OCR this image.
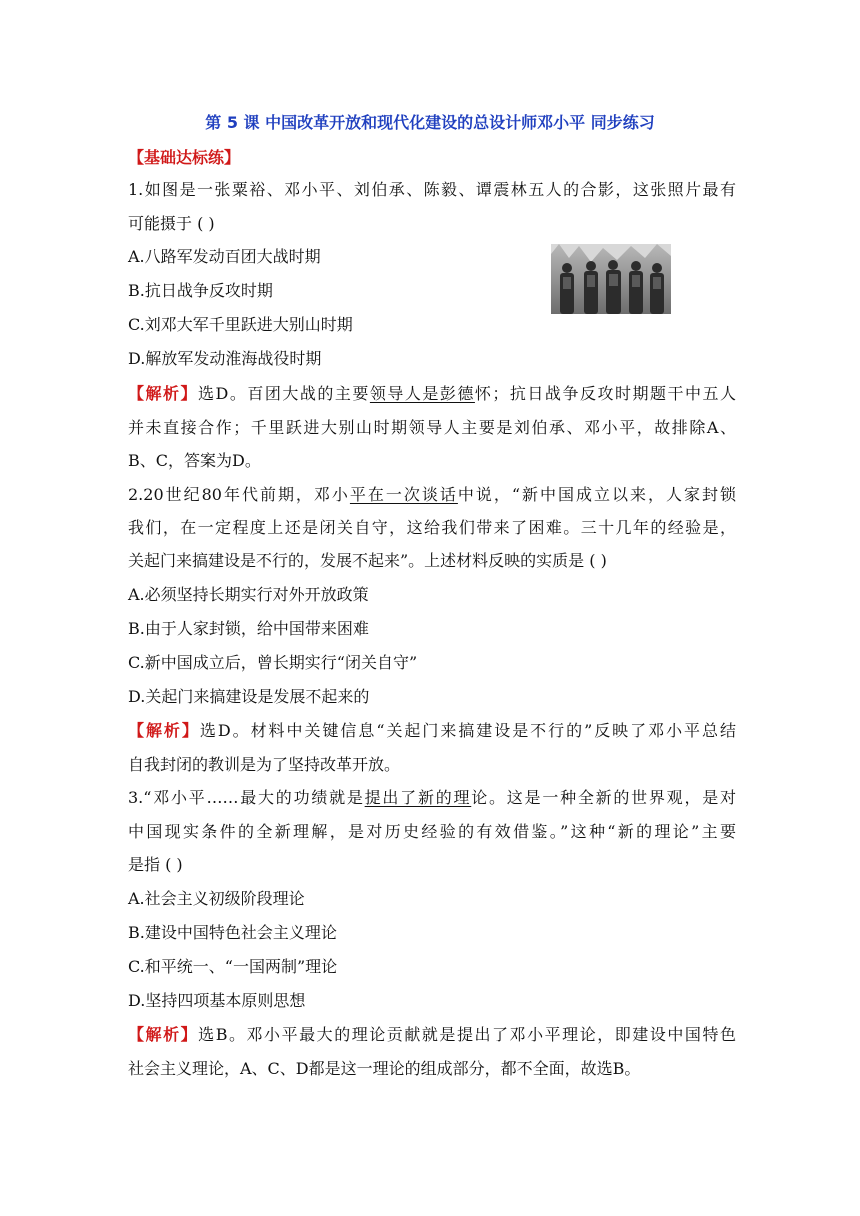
第 5 课 中国改革开放和现代化建设的总设计师邓小平 同步练习
【基础达标练】
1.如图是一张粟裕、邓小平、刘伯承、陈毅、谭震林五人的合影，这张照片最有
可能摄于 ( )
A.八路军发动百团大战时期
B.抗日战争反攻时期
C.刘邓大军千里跃进大别山时期
D.解放军发动淮海战役时期
【解析】选D。百团大战的主要领导人是彭德怀；抗日战争反攻时期题干中五人
并未直接合作；千里跃进大别山时期领导人主要是刘伯承、邓小平，故排除A、
B、C，答案为D。
2.20世纪80年代前期，邓小平在一次谈话中说，“新中国成立以来，人家封锁
我们，在一定程度上还是闭关自守，这给我们带来了困难。三十几年的经验是，
关起门来搞建设是不行的，发展不起来”。上述材料反映的实质是 ( )
A.必须坚持长期实行对外开放政策
B.由于人家封锁，给中国带来困难
C.新中国成立后，曾长期实行“闭关自守”
D.关起门来搞建设是发展不起来的
【解析】选D。材料中关键信息“关起门来搞建设是不行的”反映了邓小平总结
自我封闭的教训是为了坚持改革开放。
3.“邓小平……最大的功绩就是提出了新的理论。这是一种全新的世界观，是对
中国现实条件的全新理解，是对历史经验的有效借鉴。”这种“新的理论”主要
是指 ( )
A.社会主义初级阶段理论
B.建设中国特色社会主义理论
C.和平统一、“一国两制”理论
D.坚持四项基本原则思想
【解析】选B。邓小平最大的理论贡献就是提出了邓小平理论，即建设中国特色
社会主义理论，A、C、D都是这一理论的组成部分，都不全面，故选B。
